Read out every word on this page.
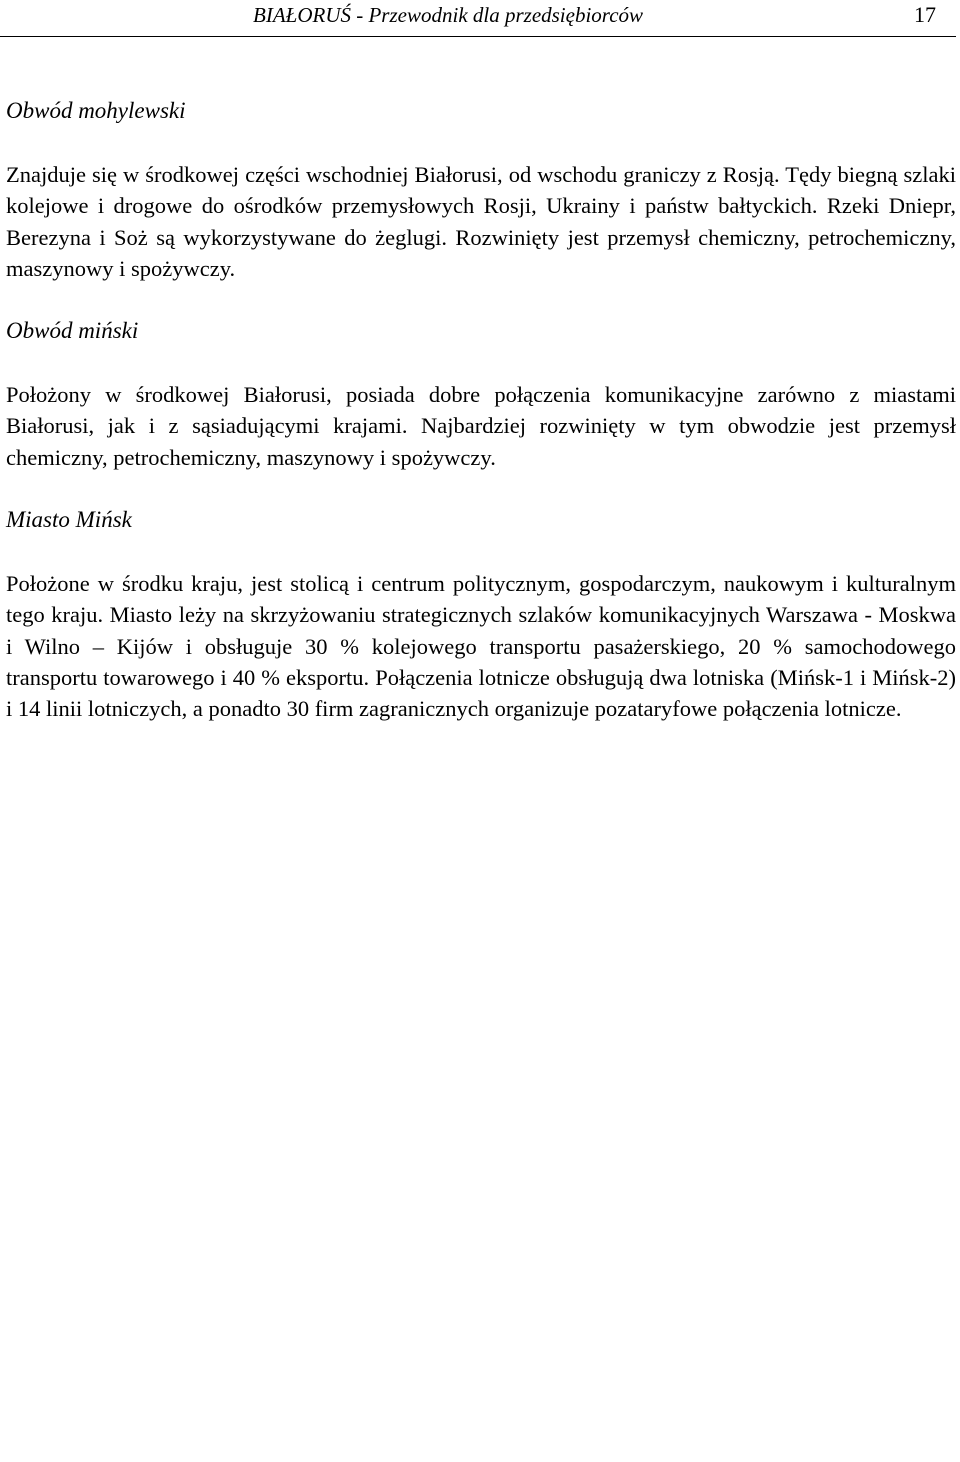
BIAŁORUŚ - Przewodnik dla przedsiębiorców	17
Obwód mohylewski

Znajduje się w środkowej części wschodniej Białorusi, od wschodu graniczy z Rosją. Tędy biegną szlaki kolejowe i drogowe do ośrodków przemysłowych Rosji, Ukrainy i państw bałtyckich. Rzeki Dniepr, Berezyna i Soż są wykorzystywane do żeglugi. Rozwinięty jest przemysł chemiczny, petrochemiczny, maszynowy i spożywczy.

Obwód miński

Położony w środkowej Białorusi, posiada dobre połączenia komunikacyjne zarówno z miastami Białorusi, jak i z sąsiadującymi krajami. Najbardziej rozwinięty w tym obwodzie jest przemysł chemiczny, petrochemiczny, maszynowy i spożywczy.

Miasto Mińsk

Położone w środku kraju, jest stolicą i centrum politycznym, gospodarczym, naukowym i kulturalnym tego kraju. Miasto leży na skrzyżowaniu strategicznych szlaków komunikacyjnych Warszawa - Moskwa i Wilno – Kijów i obsługuje 30 % kolejowego transportu pasażerskiego, 20 % samochodowego transportu towarowego i 40 % eksportu. Połączenia lotnicze obsługują dwa lotniska (Mińsk-1 i Mińsk-2) i 14 linii lotniczych, a ponadto 30 firm zagranicznych organizuje pozataryfowe połączenia lotnicze.
